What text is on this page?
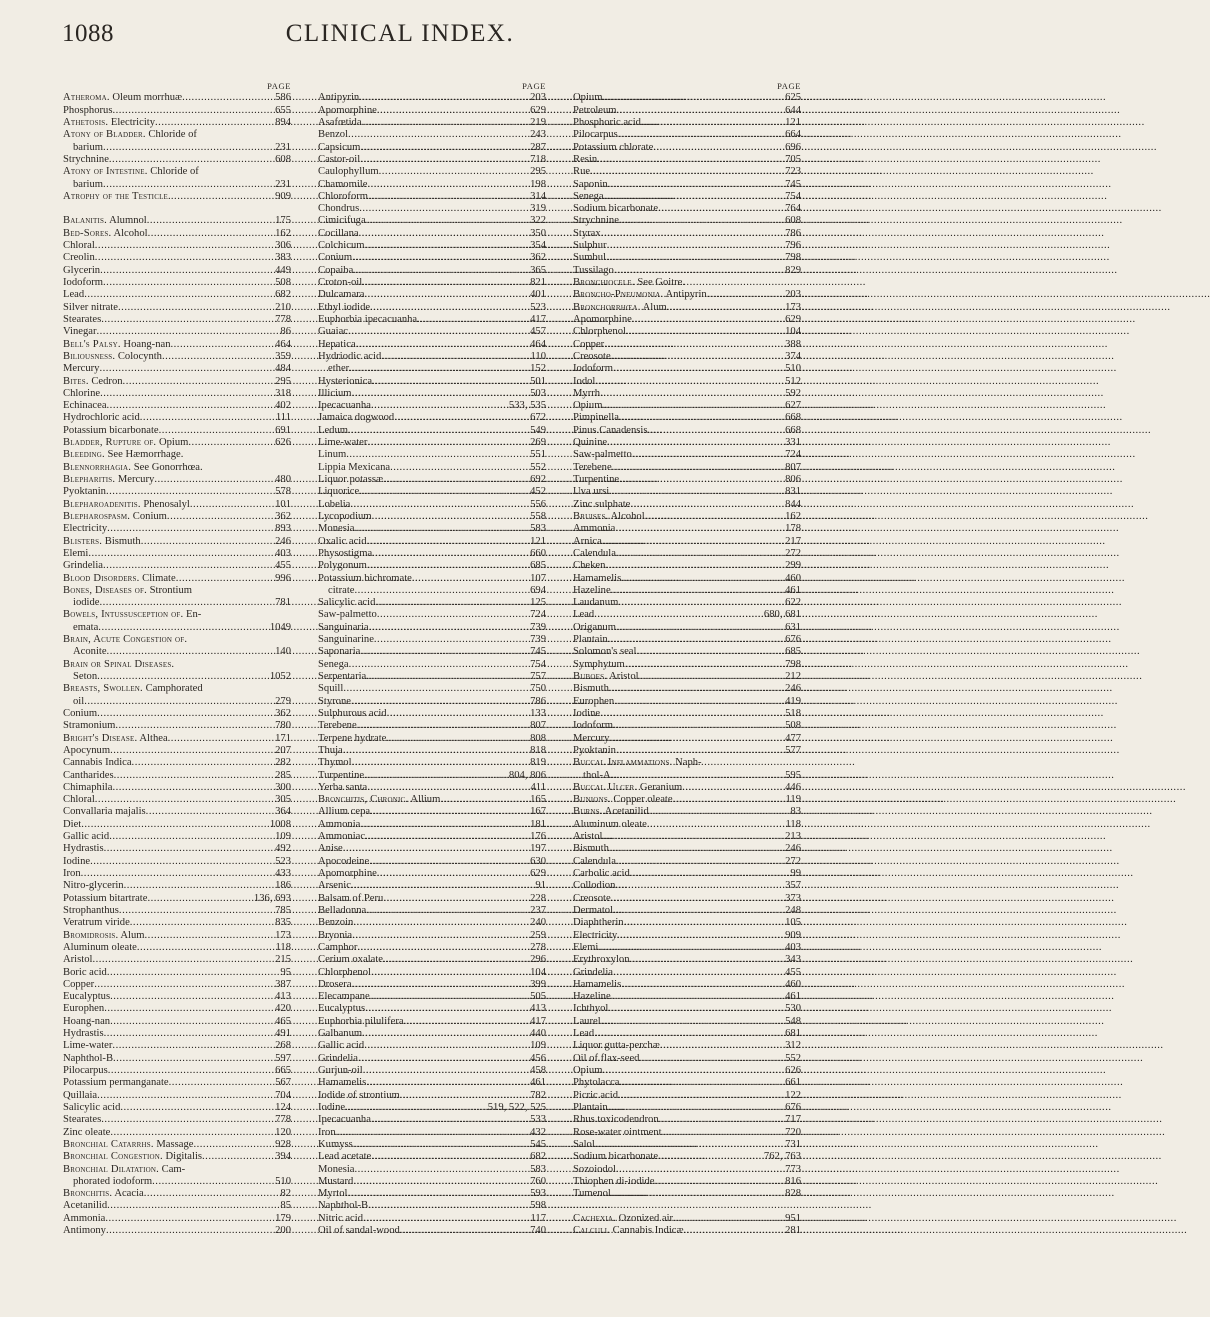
1088	CLINICAL INDEX.
PAGE
Atheroma. Oleum morrhuæ .....	586
Phosphorus .....	655
Athetosis. Electricity .....	894
Atony of Bladder. Chloride of
barium .....	231
Strychnine .....	608
Atony of Intestine. Chloride of
barium .....	231
Atrophy of the Testicle. .....	909
Balanitis. Alumnol .....	175
Bed-Sores. Alcohol .....	162
Chloral .....	306
Creolin .....	383
Glycerin .....	449
Iodoform .....	508
Lead .....	682
Silver nitrate .....	210
Stearates .....	778
Vinegar .....	86
Bell's Palsy. Hoang-nan .....	464
Biliousness. Colocynth .....	359
Mercury .....	484
Bites. Cedron .....	295
Chlorine .....	318
Echinacea .....	402
Hydrochloric acid .....	111
Potassium bicarbonate .....	691
Bladder, Rupture of. Opium .....	626
Bleeding. See Hæmorrhage.
Blennorrhagia. See Gonorrhœa.
Blepharitis. Mercury .....	480
Pyoktanin .....	578
Blepharoadenitis. Phenosalyl .....	101
Blepharospasm. Conium .....	362
Electricity .....	893
Blisters. Bismuth .....	246
Elemi .....	403
Grindelia .....	455
Blood Disorders. Climate .....	996
Bones, Diseases of. Strontium
iodide .....	781
Bowels, Intussusception of. En-
emata .....	1049
Brain, Acute Congestion of.
Aconite .....	140
Brain or Spinal Diseases.
Seton .....	1052
Breasts, Swollen. Camphorated
oil .....	279
Conium .....	362
Stramonium .....	780
Bright's Disease. Althea .....	171
Apocynum .....	207
Cannabis Indica .....	282
Cantharides .....	285
Chimaphila .....	300
Chloral .....	305
Convallaria majalis .....	364
Diet .....	1008
Gallic acid .....	109
Hydrastis .....	492
Iodine .....	523
Iron .....	433
Nitro-glycerin .....	186
Potassium bitartrate .....	136, 693
Strophanthus .....	785
Veratrum viride .....	835
Bromidrosis. Alum .....	173
Aluminum oleate .....	118
Aristol .....	215
Boric acid .....	95
Copper .....	387
Eucalyptus .....	413
Europhen .....	420
Hoang-nan .....	465
Hydrastis .....	491
Lime-water .....	268
Naphthol-B .....	597
Pilocarpus .....	665
Potassium permanganate .....	567
Quillaia .....	704
Salicylic acid .....	124
Stearates .....	778
Zinc oleate .....	120
Bronchial Catarrhs. Massage .....	928
Bronchial Congestion. Digitalis .....	394
Bronchial Dilatation. Cam-
phorated iodoform .....	510
Bronchitis. Acacia .....	82
Acetanilid .....	85
Ammonia .....	179
Antimony .....	200
PAGE
Antipyrin .....	203
Apomorphine .....	629
Asafœtida .....	219
Benzol .....	243
Capsicum .....	287
Castor-oil .....	718
Caulophyllum .....	295
Chamomile .....	198
Chloroform .....	314
Chondrus .....	319
Cimicifuga .....	322
Cocillana .....	350
Colchicum .....	354
Conium .....	362
Copaiba .....	365
Croton-oil .....	821
Dulcamara .....	401
Ethyl iodide .....	523
Euphorbia ipecacuanha .....	417
Guaiac .....	457
Hepatica .....	464
Hydriodic acid .....	110
ether .....	152
Hysterionica .....	501
Illicium .....	503
Ipecacuanha .....	533, 535
Jamaica dogwood .....	672
Ledum .....	549
Lime-water .....	269
Linum .....	551
Lippia Mexicana .....	552
Liquor potassæ .....	692
Liquorice .....	452
Lobelia .....	556
Lycopodium .....	558
Monesia .....	583
Oxalic acid .....	121
Physostigma .....	660
Polygonum .....	685
Potassium bichromate .....	107
citrate .....	694
Salicylic acid .....	125
Saw-palmetto .....	724
Sanguinaria .....	739
Sanguinarine .....	739
Saponaria .....	745
Senega .....	754
Serpentaria .....	757
Squill .....	750
Styrone .....	786
Sulphurous acid .....	133
Terebene .....	807
Terpene hydrate .....	808
Thuja .....	818
Thymol .....	819
Turpentine .....	804, 806
Yerba santa .....	411
Bronchitis, Chronic. Allium .....	165
Allium cepa .....	167
Ammonia .....	181
Ammoniac .....	176
Anise .....	197
Apocodeine .....	630
Apomorphine .....	629
Arsenic .....	91
Balsam of Peru .....	228
Belladonna .....	237
Benzoin .....	240
Bryonia .....	259
Camphor .....	278
Cerium oxalate .....	296
Chlorphenol .....	104
Drosera .....	399
Elecampane .....	505
Eucalyptus .....	413
Euphorbia pilulifera .....	417
Galbanum .....	440
Gallic acid .....	109
Grindelia .....	456
Gurjun-oil .....	458
Hamamelis .....	461
Iodide of strontium .....	782
Iodine .....	519, 522, 525
Ipecacuanha .....	533
Iron .....	432
Kumyss .....	545
Lead acetate .....	682
Monesia .....	583
Mustard .....	760
Myrtol .....	593
Naphthol-B .....	598
Nitric acid .....	117
Oil of sandal-wood .....	740
PAGE
Opium .....	625
Petroleum .....	644
Phosphoric acid .....	121
Pilocarpus .....	664
Potassium chlorate .....	696
Resin .....	705
Rue .....	723
Saponin .....	745
Senega .....	754
Sodium bicarbonate .....	764
Strychnine .....	608
Styrax .....	786
Sulphur .....	796
Sumbul .....	798
Tussilago .....	829
Bronchiocele. See Goitre.
Broncho-Pneumonia. Antipyrin .....	203
Bronchorrhœa. Alum .....	173
Apomorphine .....	629
Chlorphenol .....	104
Copper .....	388
Creosote .....	374
Iodoform .....	510
Iodol .....	512
Myrrh .....	592
Opium .....	627
Pimpinella .....	668
Pinus Canadensis .....	668
Quinine .....	331
Saw-palmetto .....	724
Terebene .....	807
Turpentine .....	806
Uva ursi .....	831
Zinc sulphate .....	844
Bruises. Alcohol .....	162
Ammonia .....	178
Arnica .....	217
Calendula .....	272
Cheken .....	299
Hamamelis .....	460
Hazeline .....	461
Laudanum .....	622
Lead .....	680, 681
Origanum .....	631
Plantain .....	676
Solomon's seal .....	685
Symphytum .....	798
Buboes. Aristol .....	212
Bismuth .....	246
Europhen .....	419
Iodine .....	518
Iodoform .....	508
Mercury .....	477
Pyoktanin .....	577
Buccal Inflammations. Naph-
thol-A .....	595
Buccal Ulcer. Geranium .....	446
Bunions. Copper oleate .....	119
Burns. Acetanilid .....	83
Aluminum oleate .....	118
Aristol .....	213
Bismuth .....	246
Calendula .....	272
Carbolic acid .....	99
Collodion .....	357
Creosote .....	373
Dermatol .....	248
Diaphtherin .....	105
Electricity .....	909
Elemi .....	403
Erythroxylon .....	343
Grindelia .....	455
Hamamelis .....	460
Hazeline .....	461
Ichthyol .....	530
Laurel .....	548
Lead .....	681
Liquor gutta-perchæ .....	312
Oil of flax-seed .....	552
Opium .....	626
Phytolacca .....	661
Picric acid .....	122
Plantain .....	676
Rhus toxicodendron .....	717
Rose-water ointment .....	720
Salol .....	731
Sodium bicarbonate .....	762, 763
Sozoiodol .....	773
Thiophen di-iodide .....	816
Tumenol .....	828
Cachexia. Ozonized air .....	951
Calculi. Cannabis Indicæ .....	281
